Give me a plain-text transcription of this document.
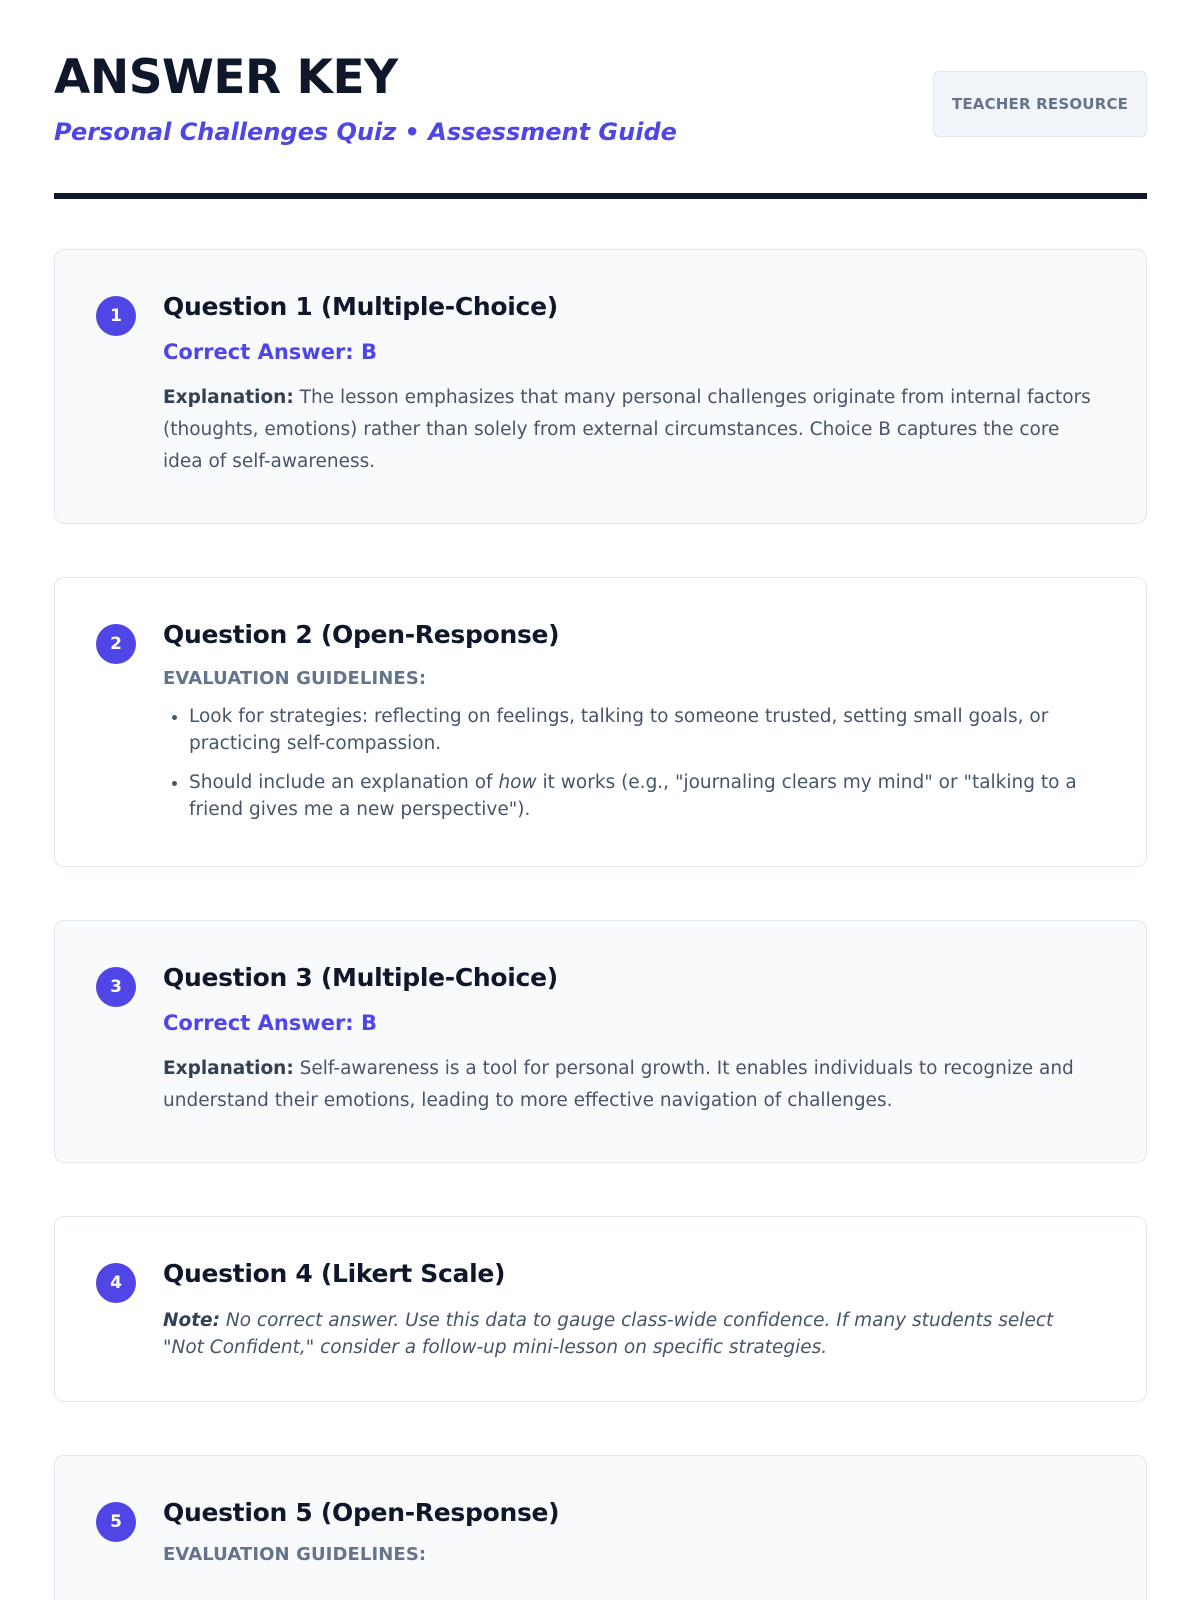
ANSWER KEY
Personal Challenges Quiz • Assessment Guide
TEACHER RESOURCE
1	Question 1 (Multiple-Choice)
Correct Answer: B
Explanation: The lesson emphasizes that many personal challenges originate from internal factors (thoughts, emotions) rather than solely from external circumstances. Choice B captures the core idea of self-awareness.
2	Question 2 (Open-Response)
EVALUATION GUIDELINES:
• Look for strategies: reflecting on feelings, talking to someone trusted, setting small goals, or practicing self-compassion.
• Should include an explanation of how it works (e.g., "journaling clears my mind" or "talking to a friend gives me a new perspective").
3	Question 3 (Multiple-Choice)
Correct Answer: B
Explanation: Self-awareness is a tool for personal growth. It enables individuals to recognize and understand their emotions, leading to more effective navigation of challenges.
4	Question 4 (Likert Scale)
Note: No correct answer. Use this data to gauge class-wide confidence. If many students select "Not Confident," consider a follow-up mini-lesson on specific strategies.
5	Question 5 (Open-Response)
EVALUATION GUIDELINES:
